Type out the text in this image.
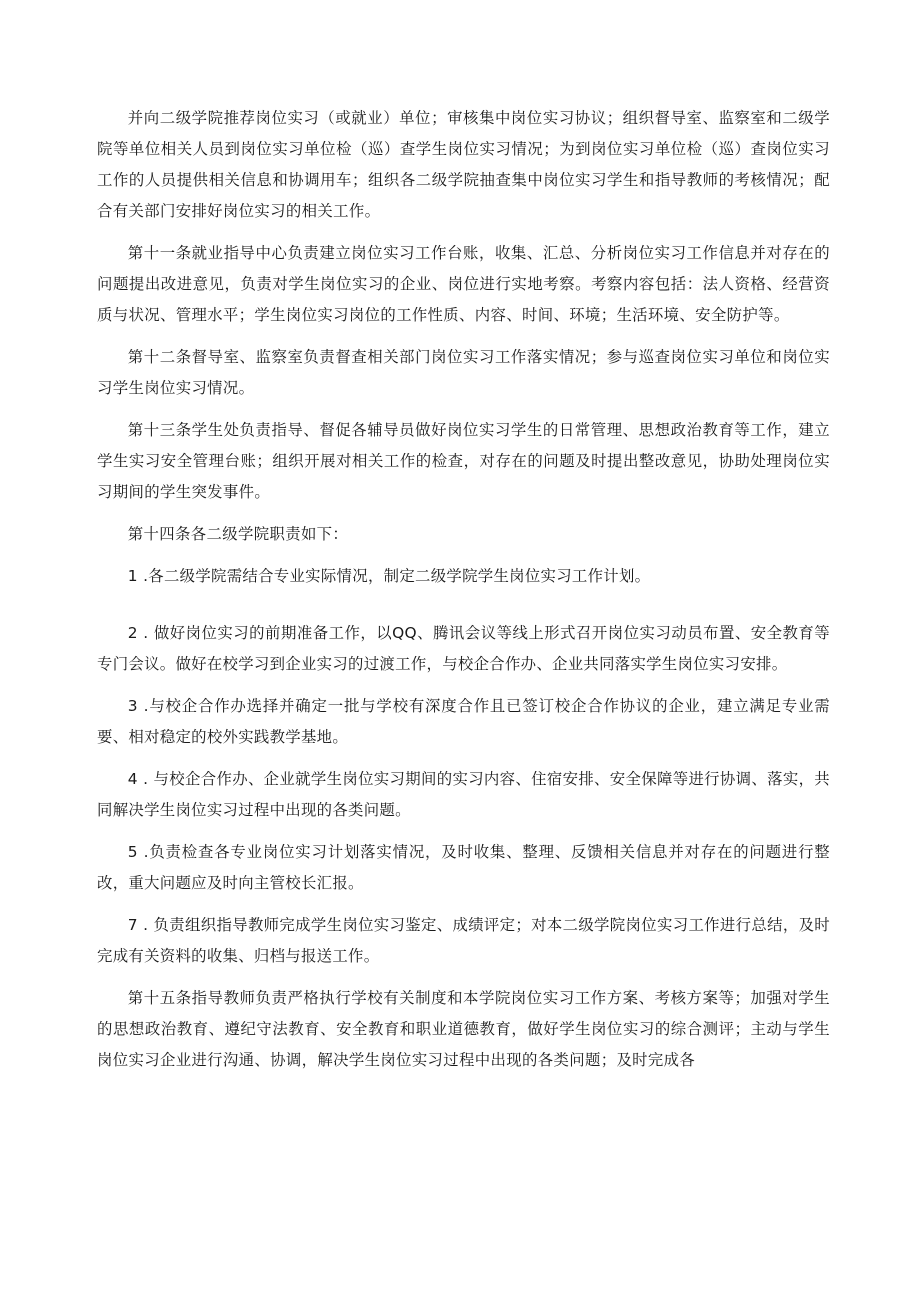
并向二级学院推荐岗位实习（或就业）单位；审核集中岗位实习协议；组织督导室、监察室和二级学院等单位相关人员到岗位实习单位检（巡）查学生岗位实习情况；为到岗位实习单位检（巡）查岗位实习工作的人员提供相关信息和协调用车；组织各二级学院抽查集中岗位实习学生和指导教师的考核情况；配合有关部门安排好岗位实习的相关工作。

第十一条就业指导中心负责建立岗位实习工作台账，收集、汇总、分析岗位实习工作信息并对存在的问题提出改进意见，负责对学生岗位实习的企业、岗位进行实地考察。考察内容包括：法人资格、经营资质与状况、管理水平；学生岗位实习岗位的工作性质、内容、时间、环境；生活环境、安全防护等。

第十二条督导室、监察室负责督查相关部门岗位实习工作落实情况；参与巡查岗位实习单位和岗位实习学生岗位实习情况。

第十三条学生处负责指导、督促各辅导员做好岗位实习学生的日常管理、思想政治教育等工作，建立学生实习安全管理台账；组织开展对相关工作的检查，对存在的问题及时提出整改意见，协助处理岗位实习期间的学生突发事件。

第十四条各二级学院职责如下：

1 .各二级学院需结合专业实际情况，制定二级学院学生岗位实习工作计划。

2 . 做好岗位实习的前期准备工作，以QQ、腾讯会议等线上形式召开岗位实习动员布置、安全教育等专门会议。做好在校学习到企业实习的过渡工作，与校企合作办、企业共同落实学生岗位实习安排。

3 .与校企合作办选择并确定一批与学校有深度合作且已签订校企合作协议的企业，建立满足专业需要、相对稳定的校外实践教学基地。

4 . 与校企合作办、企业就学生岗位实习期间的实习内容、住宿安排、安全保障等进行协调、落实，共同解决学生岗位实习过程中出现的各类问题。

5 .负责检查各专业岗位实习计划落实情况，及时收集、整理、反馈相关信息并对存在的问题进行整改，重大问题应及时向主管校长汇报。

7 . 负责组织指导教师完成学生岗位实习鉴定、成绩评定；对本二级学院岗位实习工作进行总结，及时完成有关资料的收集、归档与报送工作。

第十五条指导教师负责严格执行学校有关制度和本学院岗位实习工作方案、考核方案等；加强对学生的思想政治教育、遵纪守法教育、安全教育和职业道德教育，做好学生岗位实习的综合测评；主动与学生岗位实习企业进行沟通、协调，解决学生岗位实习过程中出现的各类问题；及时完成各
